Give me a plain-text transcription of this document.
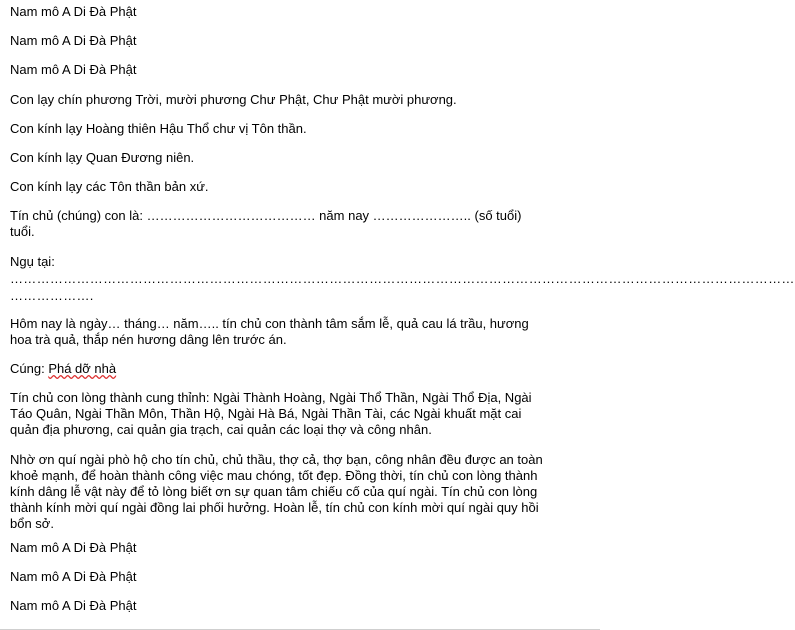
Nam mô A Di Đà Phật
Nam mô A Di Đà Phật
Nam mô A Di Đà Phật
Con lạy chín phương Trời, mười phương Chư Phật, Chư Phật mười phương.
Con kính lạy Hoàng thiên Hậu Thổ chư vị Tôn thần.
Con kính lạy Quan Đương niên.
Con kính lạy các Tôn thần bản xứ.
Tín chủ (chúng) con là: ………………………………… năm nay ………………….. (số tuổi)
tuổi.
Ngụ tại:
……………………………………………………………………………………………………………………………………………………………
……………….
Hôm nay là ngày… tháng… năm….. tín chủ con thành tâm sắm lễ, quả cau lá trầu, hương
hoa trà quả, thắp nén hương dâng lên trước án.
Cúng: Phá dỡ nhà
Tín chủ con lòng thành cung thỉnh: Ngài Thành Hoàng, Ngài Thổ Thần, Ngài Thổ Địa, Ngài
Táo Quân, Ngài Thần Môn, Thần Hộ, Ngài Hà Bá, Ngài Thần Tài, các Ngài khuất mặt cai
quản địa phương, cai quản gia trạch, cai quản các loại thợ và công nhân.
Nhờ ơn quí ngài phò hộ cho tín chủ, chủ thầu, thợ cả, thợ bạn, công nhân đều được an toàn
khoẻ mạnh, để hoàn thành công việc mau chóng, tốt đẹp. Đồng thời, tín chủ con lòng thành
kính dâng lễ vật này để tỏ lòng biết ơn sự quan tâm chiếu cố của quí ngài. Tín chủ con lòng
thành kính mời quí ngài đồng lai phối hưởng. Hoàn lễ, tín chủ con kính mời quí ngài quy hồi
bổn sở.
Nam mô A Di Đà Phật
Nam mô A Di Đà Phật
Nam mô A Di Đà Phật
